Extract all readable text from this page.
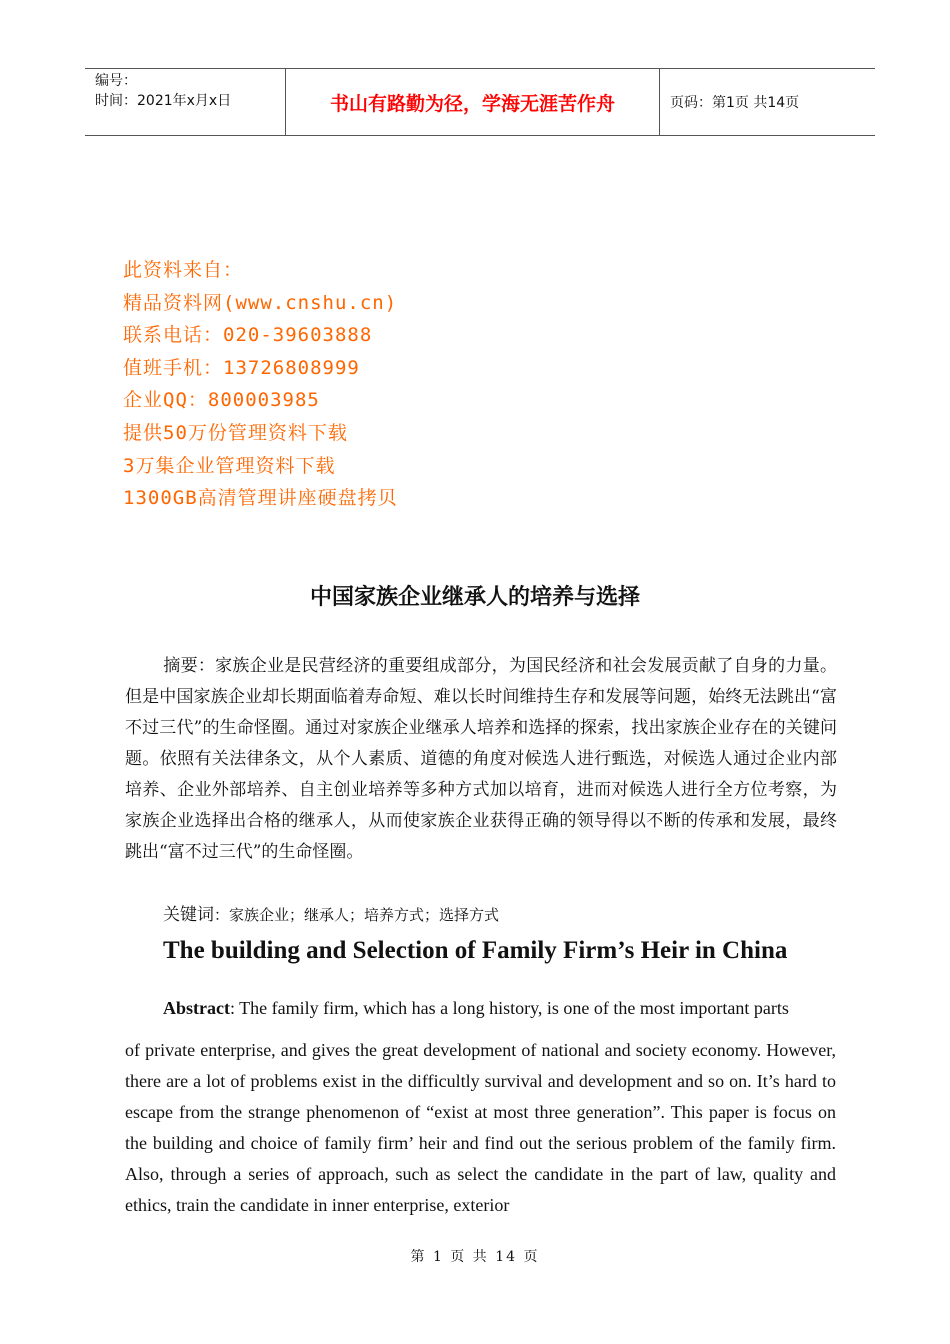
编号：
时间：2021年x月x日	书山有路勤为径，学海无涯苦作舟	页码：第1页 共14页
此资料来自：
精品资料网(www.cnshu.cn)
联系电话：020-39603888
值班手机：13726808999
企业QQ：800003985
提供50万份管理资料下载
3万集企业管理资料下载
1300GB高清管理讲座硬盘拷贝
中国家族企业继承人的培养与选择
摘要：家族企业是民营经济的重要组成部分，为国民经济和社会发展贡献了自身的力量。但是中国家族企业却长期面临着寿命短、难以长时间维持生存和发展等问题，始终无法跳出“富不过三代”的生命怪圈。通过对家族企业继承人培养和选择的探索，找出家族企业存在的关键问题。依照有关法律条文，从个人素质、道德的角度对候选人进行甄选，对候选人通过企业内部培养、企业外部培养、自主创业培养等多种方式加以培育，进而对候选人进行全方位考察，为家族企业选择出合格的继承人，从而使家族企业获得正确的领导得以不断的传承和发展，最终跳出“富不过三代”的生命怪圈。
关键词：家族企业；继承人；培养方式；选择方式
The building and Selection of Family Firm’s Heir in China
Abstract: The family firm, which has a long history, is one of the most important parts
of private enterprise, and gives the great development of national and society economy. However, there are a lot of problems exist in the difficultly survival and development and so on. It’s hard to escape from the strange phenomenon of “exist at most three generation”. This paper is focus on the building and choice of family firm’ heir and find out the serious problem of the family firm. Also, through a series of approach, such as select the candidate in the part of law, quality and ethics, train the candidate in inner enterprise, exterior
第 1 页 共 14 页
